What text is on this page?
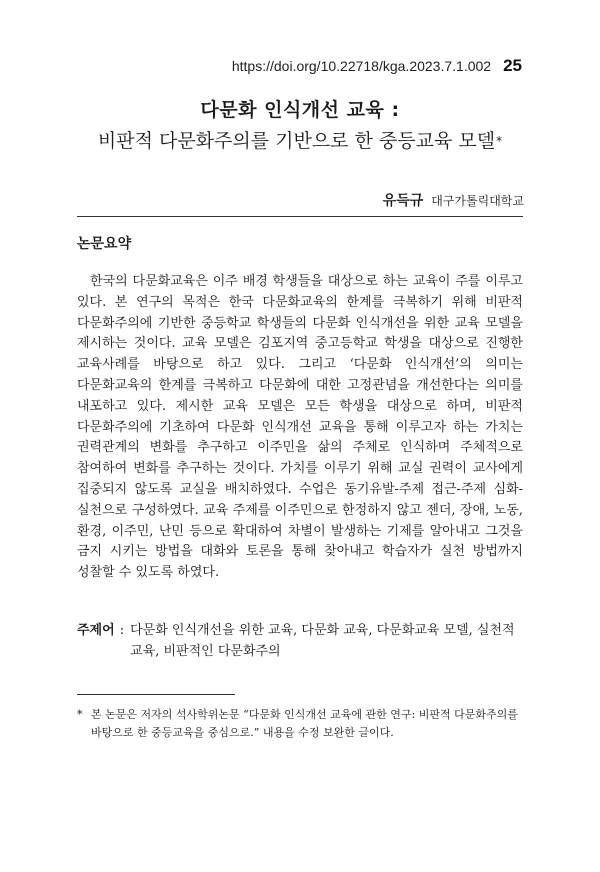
https://doi.org/10.22718/kga.2023.7.1.002 25
다문화 인식개선 교육 :
비판적 다문화주의를 기반으로 한 중등교육 모델*
유득규 대구가톨릭대학교
논문요약

한국의 다문화교육은 이주 배경 학생들을 대상으로 하는 교육이 주를 이루고 있다. 본 연구의 목적은 한국 다문화교육의 한계를 극복하기 위해 비판적 다문화주의에 기반한 중등학교 학생들의 다문화 인식개선을 위한 교육 모델을 제시하는 것이다. 교육 모델은 김포지역 중고등학교 학생을 대상으로 진행한 교육사례를 바탕으로 하고 있다. 그리고 ‘다문화 인식개선’의 의미는 다문화교육의 한계를 극복하고 다문화에 대한 고정관념을 개선한다는 의미를 내포하고 있다. 제시한 교육 모델은 모든 학생을 대상으로 하며, 비판적 다문화주의에 기초하여 다문화 인식개선 교육을 통해 이루고자 하는 가치는 권력관계의 변화를 추구하고 이주민을 삶의 주체로 인식하며 주체적으로 참여하여 변화를 추구하는 것이다. 가치를 이루기 위해 교실 권력이 교사에게 집중되지 않도록 교실을 배치하였다. 수업은 동기유발-주제 접근-주제 심화-실천으로 구성하였다. 교육 주제를 이주민으로 한정하지 않고 젠더, 장애, 노동, 환경, 이주민, 난민 등으로 확대하여 차별이 발생하는 기제를 알아내고 그것을 금지 시키는 방법을 대화와 토론을 통해 찾아내고 학습자가 실천 방법까지 성찰할 수 있도록 하였다.

주제어 : 다문화 인식개선을 위한 교육, 다문화 교육, 다문화교육 모델, 실천적 교육, 비판적인 다문화주의
* 본 논문은 저자의 석사학위논문 “다문화 인식개선 교육에 관한 연구: 비판적 다문화주의를 바탕으로 한 중등교육을 중심으로.” 내용을 수정 보완한 글이다.
